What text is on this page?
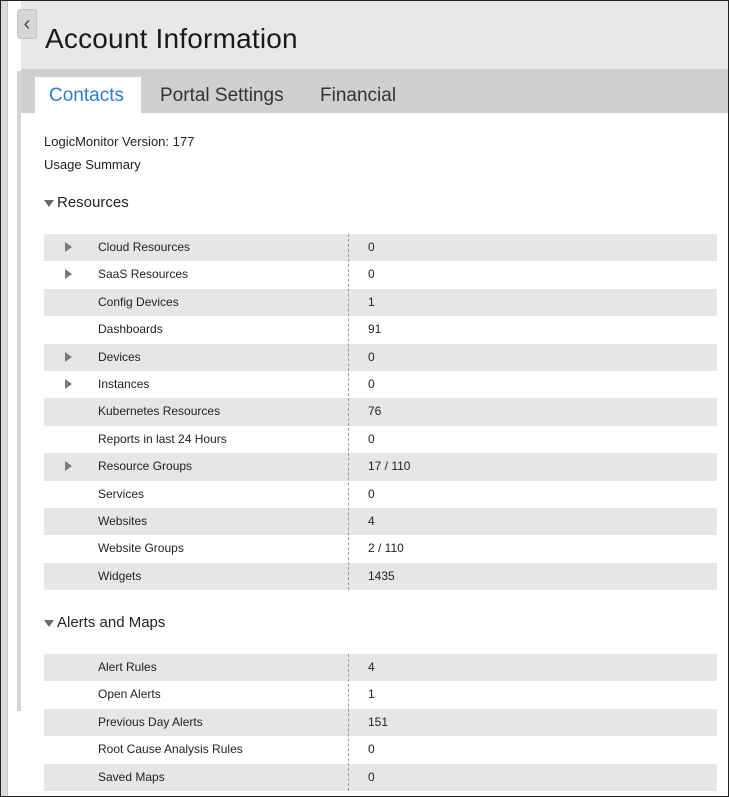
Account Information
‹
Contacts	Portal Settings	Financial
LogicMonitor Version: 177
Usage Summary
Resources
Cloud Resources	0
SaaS Resources	0
Config Devices	1
Dashboards	91
Devices	0
Instances	0
Kubernetes Resources	76
Reports in last 24 Hours	0
Resource Groups	17 / 110
Services	0
Websites	4
Website Groups	2 / 110
Widgets	1435
Alerts and Maps
Alert Rules	4
Open Alerts	1
Previous Day Alerts	151
Root Cause Analysis Rules	0
Saved Maps	0
